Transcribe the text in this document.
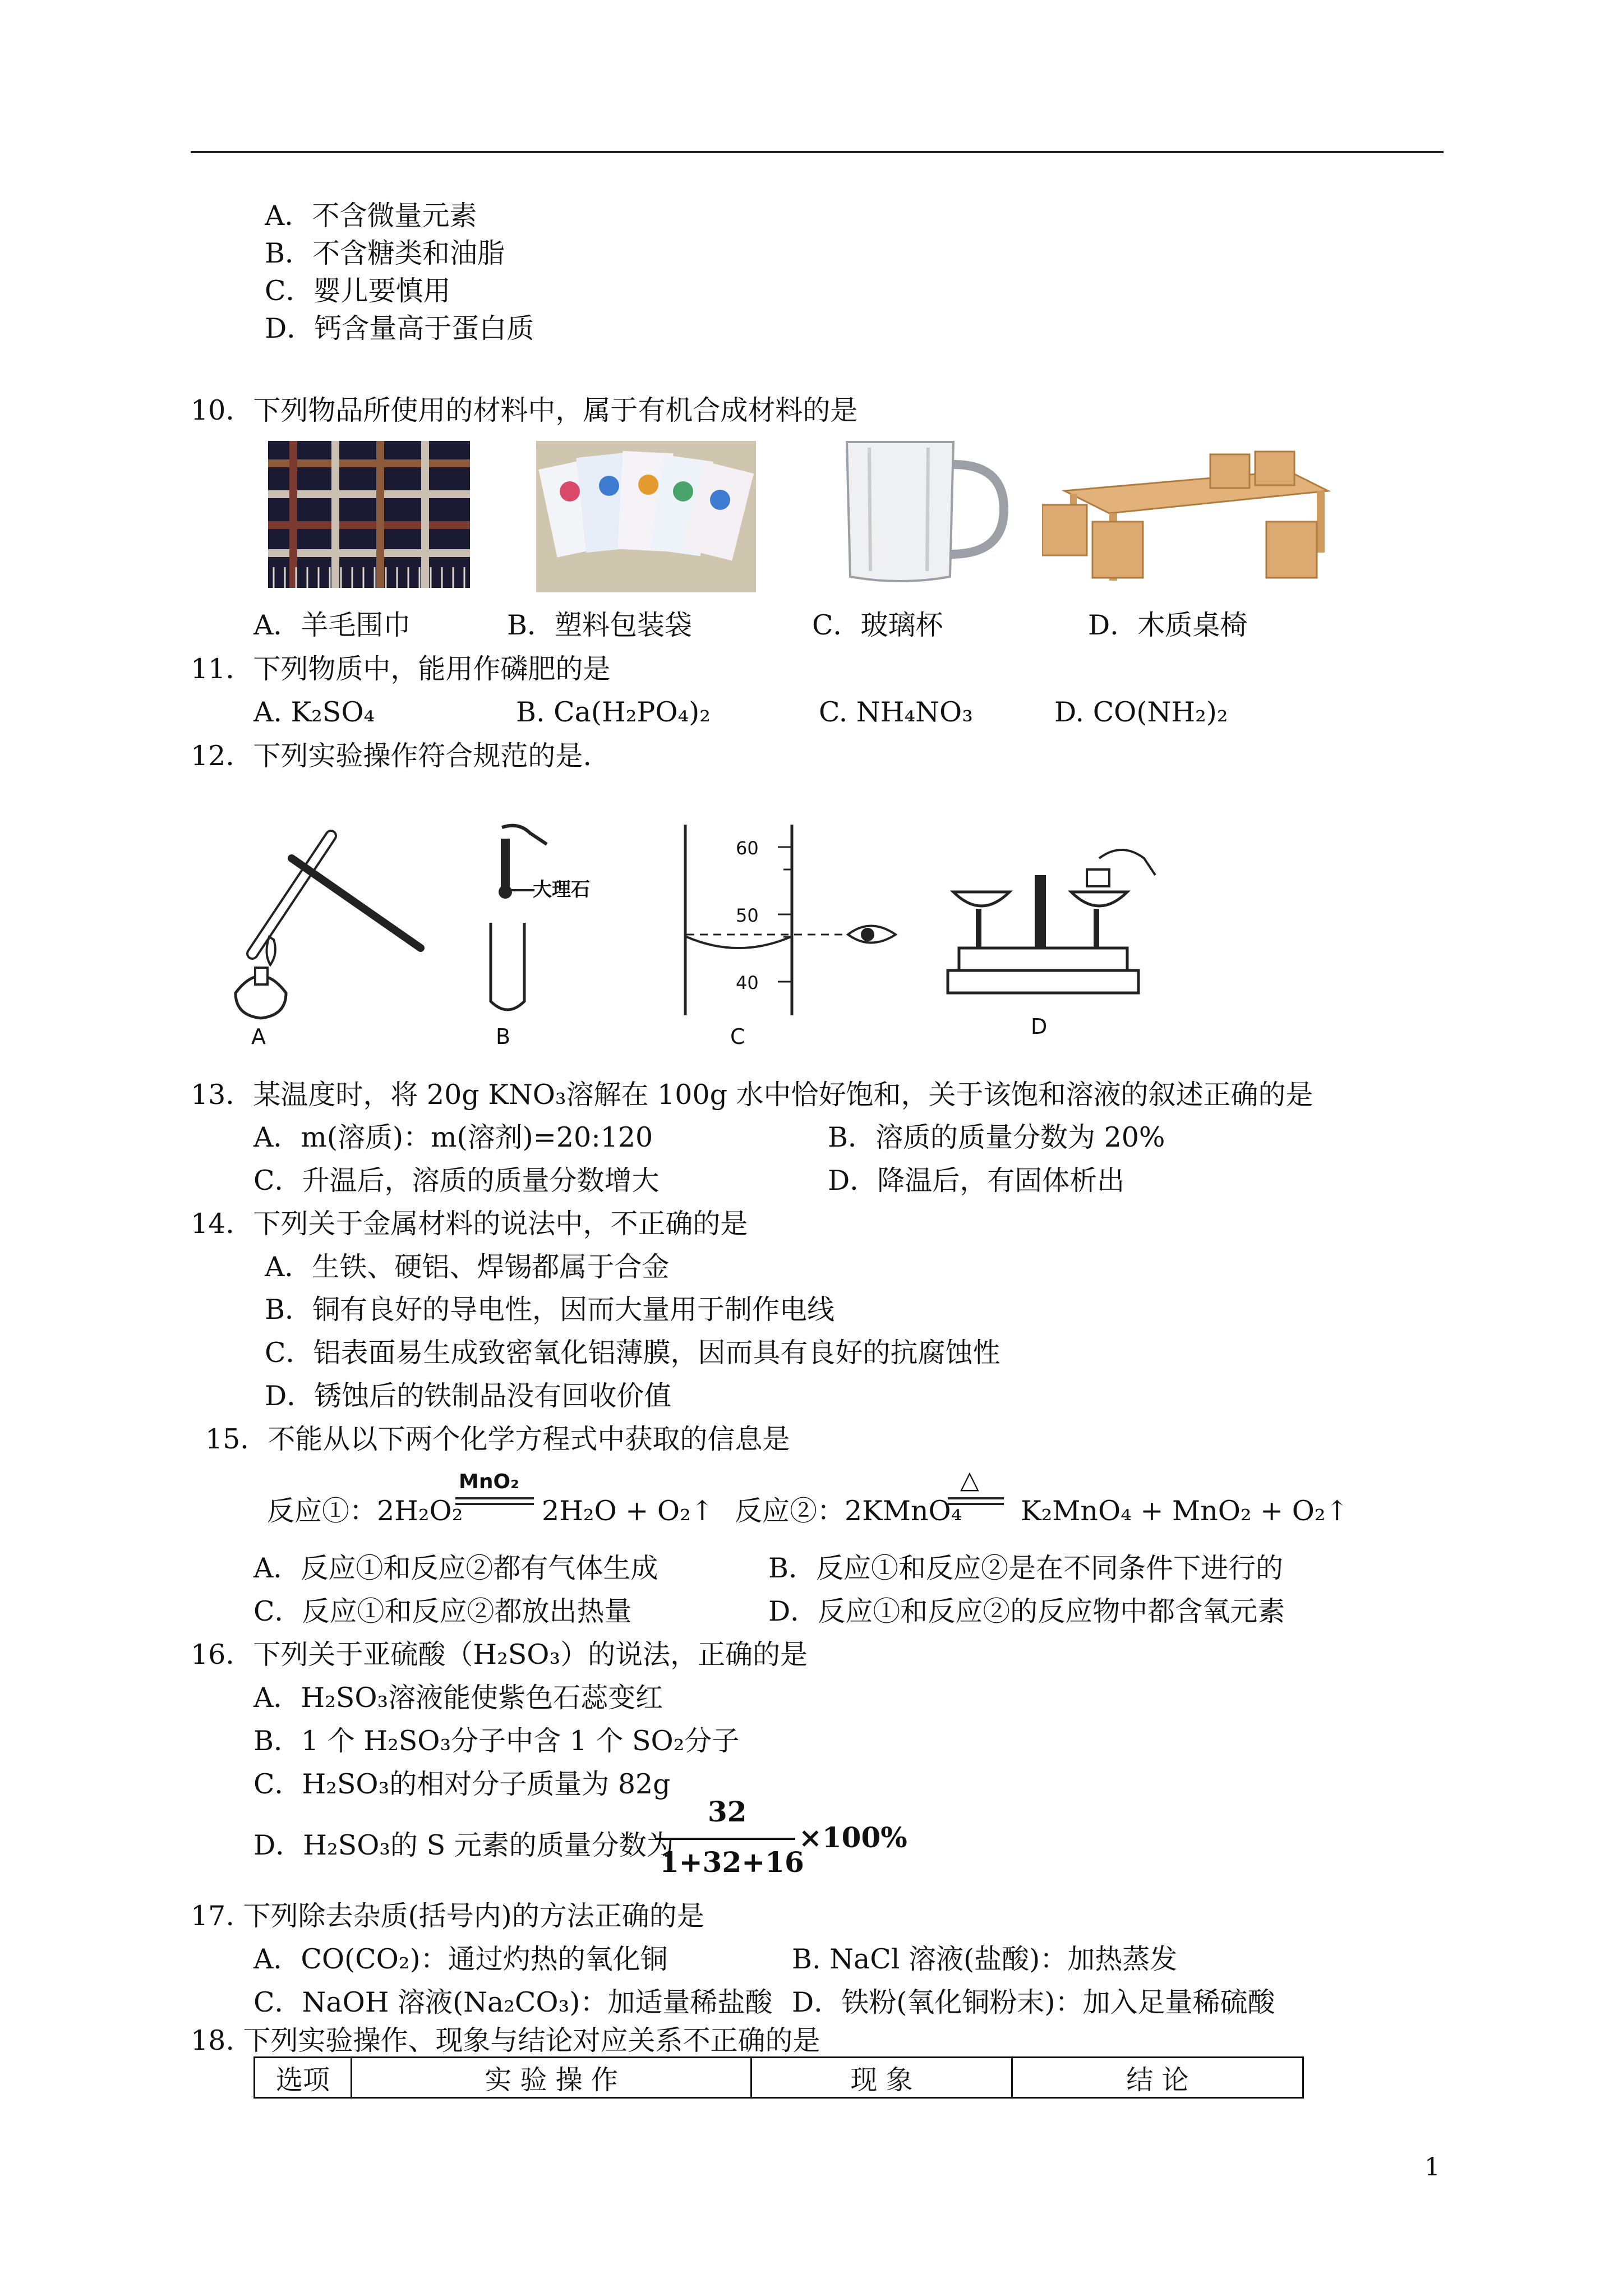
A．不含微量元素
B．不含糖类和油脂
C．婴儿要慎用
D．钙含量高于蛋白质
10．下列物品所使用的材料中，属于有机合成材料的是
A．羊毛围巾	B．塑料包装袋	C．玻璃杯	D．木质桌椅
11．下列物质中，能用作磷肥的是
A. K₂SO₄	B. Ca(H₂PO₄)₂	C. NH₄NO₃	D. CO(NH₂)₂
12．下列实验操作符合规范的是.
A
大理石
B
60
50
40
C	D
13．某温度时，将 20g KNO₃溶解在 100g 水中恰好饱和，关于该饱和溶液的叙述正确的是
A．m(溶质)：m(溶剂)=20:120	B．溶质的质量分数为 20%
C．升温后，溶质的质量分数增大	D．降温后，有固体析出
14．下列关于金属材料的说法中，不正确的是
A．生铁、硬铝、焊锡都属于合金
B．铜有良好的导电性，因而大量用于制作电线
C．铝表面易生成致密氧化铝薄膜，因而具有良好的抗腐蚀性
D．锈蚀后的铁制品没有回收价值
15．不能从以下两个化学方程式中获取的信息是
反应①：2H₂O₂
MnO₂
2H₂O + O₂↑ 反应②：2KMnO₄
△
K₂MnO₄ + MnO₂ + O₂↑
A．反应①和反应②都有气体生成	B．反应①和反应②是在不同条件下进行的
C．反应①和反应②都放出热量	D．反应①和反应②的反应物中都含氧元素
16．下列关于亚硫酸（H₂SO₃）的说法，正确的是
A．H₂SO₃溶液能使紫色石蕊变红
B．1 个 H₂SO₃分子中含 1 个 SO₂分子
C．H₂SO₃的相对分子质量为 82g
D．H₂SO₃的 S 元素的质量分数为
32
1+32+16
×100%
17. 下列除去杂质(括号内)的方法正确的是
A．CO(CO₂)：通过灼热的氧化铜	B. NaCl 溶液(盐酸)：加热蒸发
C．NaOH 溶液(Na₂CO₃)：加适量稀盐酸 D．铁粉(氧化铜粉末)：加入足量稀硫酸
18. 下列实验操作、现象与结论对应关系不正确的是
选项	实 验 操 作	现 象	结 论
1
